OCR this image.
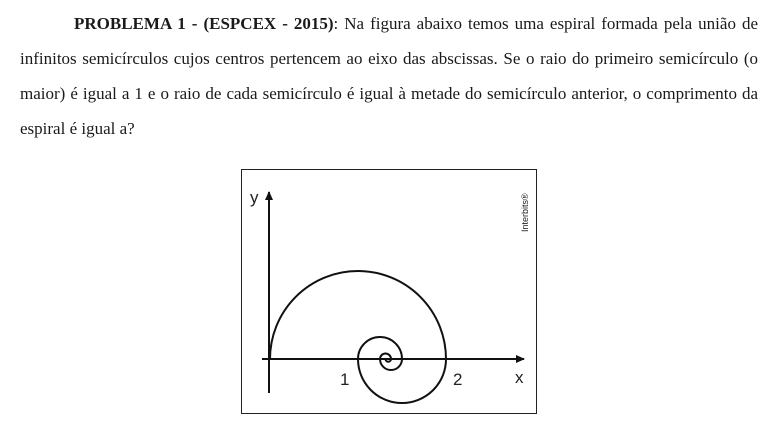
PROBLEMA 1 - (ESPCEX - 2015): Na figura abaixo temos uma espiral formada pela união de infinitos semicírculos cujos centros pertencem ao eixo das abscissas. Se o raio do primeiro semicírculo (o maior) é igual a 1 e o raio de cada semicírculo é igual à metade do semicírculo anterior, o comprimento da espiral é igual a?

y
x
1	2
Interbits®
